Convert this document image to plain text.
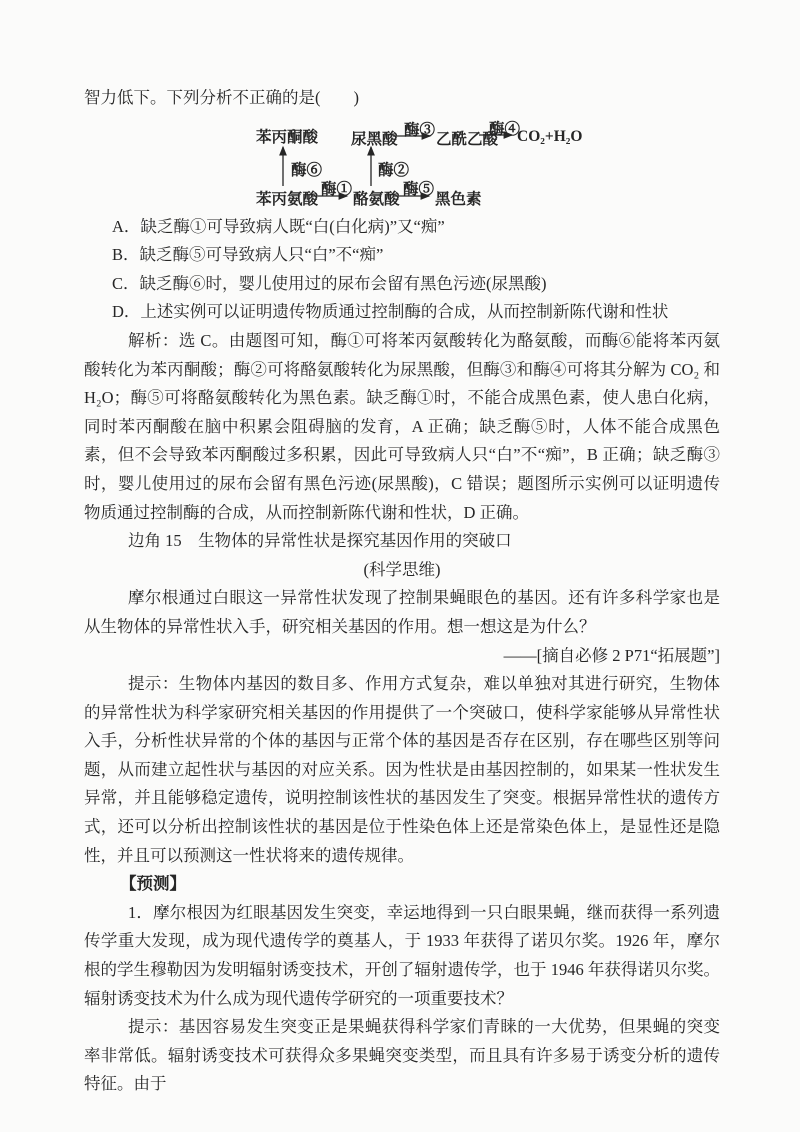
智力低下。下列分析不正确的是(　　)

苯丙酮酸 尿黑酸
酶③
乙酰乙酸
酶④
CO₂+H₂O
酶⑥	酶②
苯丙氨酸
酶①
酪氨酸
酶⑤
黑色素

A．缺乏酶①可导致病人既“白(白化病)”又“痴”

B．缺乏酶⑤可导致病人只“白”不“痴”

C．缺乏酶⑥时，婴儿使用过的尿布会留有黑色污迹(尿黑酸)

D．上述实例可以证明遗传物质通过控制酶的合成，从而控制新陈代谢和性状

解析：选 C。由题图可知，酶①可将苯丙氨酸转化为酪氨酸，而酶⑥能将苯丙氨酸转化为苯丙酮酸；酶②可将酪氨酸转化为尿黑酸，但酶③和酶④可将其分解为 CO₂ 和 H₂O；酶⑤可将酪氨酸转化为黑色素。缺乏酶①时，不能合成黑色素，使人患白化病，同时苯丙酮酸在脑中积累会阻碍脑的发育，A 正确；缺乏酶⑤时，人体不能合成黑色素，但不会导致苯丙酮酸过多积累，因此可导致病人只“白”不“痴”，B 正确；缺乏酶③时，婴儿使用过的尿布会留有黑色污迹(尿黑酸)，C 错误；题图所示实例可以证明遗传物质通过控制酶的合成，从而控制新陈代谢和性状，D 正确。

边角 15　生物体的异常性状是探究基因作用的突破口

(科学思维)

摩尔根通过白眼这一异常性状发现了控制果蝇眼色的基因。还有许多科学家也是从生物体的异常性状入手，研究相关基因的作用。想一想这是为什么？

——[摘自必修 2 P71“拓展题”]

提示：生物体内基因的数目多、作用方式复杂，难以单独对其进行研究，生物体的异常性状为科学家研究相关基因的作用提供了一个突破口，使科学家能够从异常性状入手，分析性状异常的个体的基因与正常个体的基因是否存在区别，存在哪些区别等问题，从而建立起性状与基因的对应关系。因为性状是由基因控制的，如果某一性状发生异常，并且能够稳定遗传，说明控制该性状的基因发生了突变。根据异常性状的遗传方式，还可以分析出控制该性状的基因是位于性染色体上还是常染色体上，是显性还是隐性，并且可以预测这一性状将来的遗传规律。

【预测】

1．摩尔根因为红眼基因发生突变，幸运地得到一只白眼果蝇，继而获得一系列遗传学重大发现，成为现代遗传学的奠基人，于 1933 年获得了诺贝尔奖。1926 年，摩尔根的学生穆勒因为发明辐射诱变技术，开创了辐射遗传学，也于 1946 年获得诺贝尔奖。辐射诱变技术为什么成为现代遗传学研究的一项重要技术？

提示：基因容易发生突变正是果蝇获得科学家们青睐的一大优势，但果蝇的突变率非常低。辐射诱变技术可获得众多果蝇突变类型，而且具有许多易于诱变分析的遗传特征。由于
